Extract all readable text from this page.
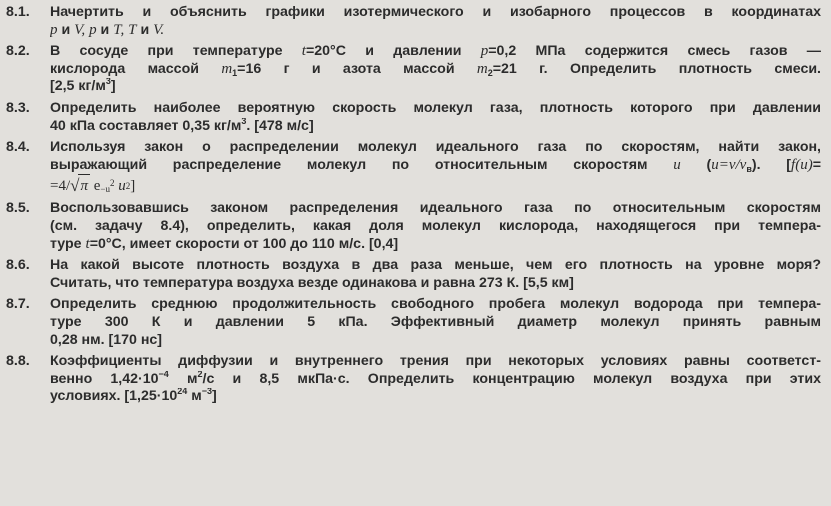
8.1.	Начертить и объяснить графики изотермического и изобарного процессов в координатах
p и V, p и T, T и V.
8.2.	В сосуде при температуре t=20°C и давлении p=0,2 МПа содержится смесь газов —
кислорода массой $m_1=16$ г и азота массой $m_2=21$ г. Определить плотность смеси.
[2,5 $кг/м^3$]
8.3.	Определить наиболее вероятную скорость молекул газа, плотность которого при давлении
40 кПа составляет 0,35 $кг/м^3$. [478 м/с]
8.4.	Используя закон о распределении молекул идеального газа по скоростям, найти закон,
выражающий распределение молекул по относительным скоростям u $(u=v/v_в)$. [f(u)=
=4/ √ π
$e -u^2$
u 2 ]
8.5.	Воспользовавшись законом распределения идеального газа по относительным скоростям
(см. задачу 8.4), определить, какая доля молекул кислорода, находящегося при темпера-
туре t=0°C, имеет скорости от 100 до 110 м/с. [0,4]
8.6.	На какой высоте плотность воздуха в два раза меньше, чем его плотность на уровне моря?
Считать, что температура воздуха везде одинакова и равна 273 К. [5,5 км]
8.7.	Определить среднюю продолжительность свободного пробега молекул водорода при темпера-
туре 300 К и давлении 5 кПа. Эффективный диаметр молекул принять равным
0,28 нм. [170 нс]
8.8.	Коэффициенты диффузии и внутреннего трения при некоторых условиях равны соответст-
венно $1,42\cdot 10^{-4}$ $м^2/с$ и 8,5 мкПа·с. Определить концентрацию молекул воздуха при этих
условиях. [$1,25\cdot 10^{24}$ $м^{-3}$]
